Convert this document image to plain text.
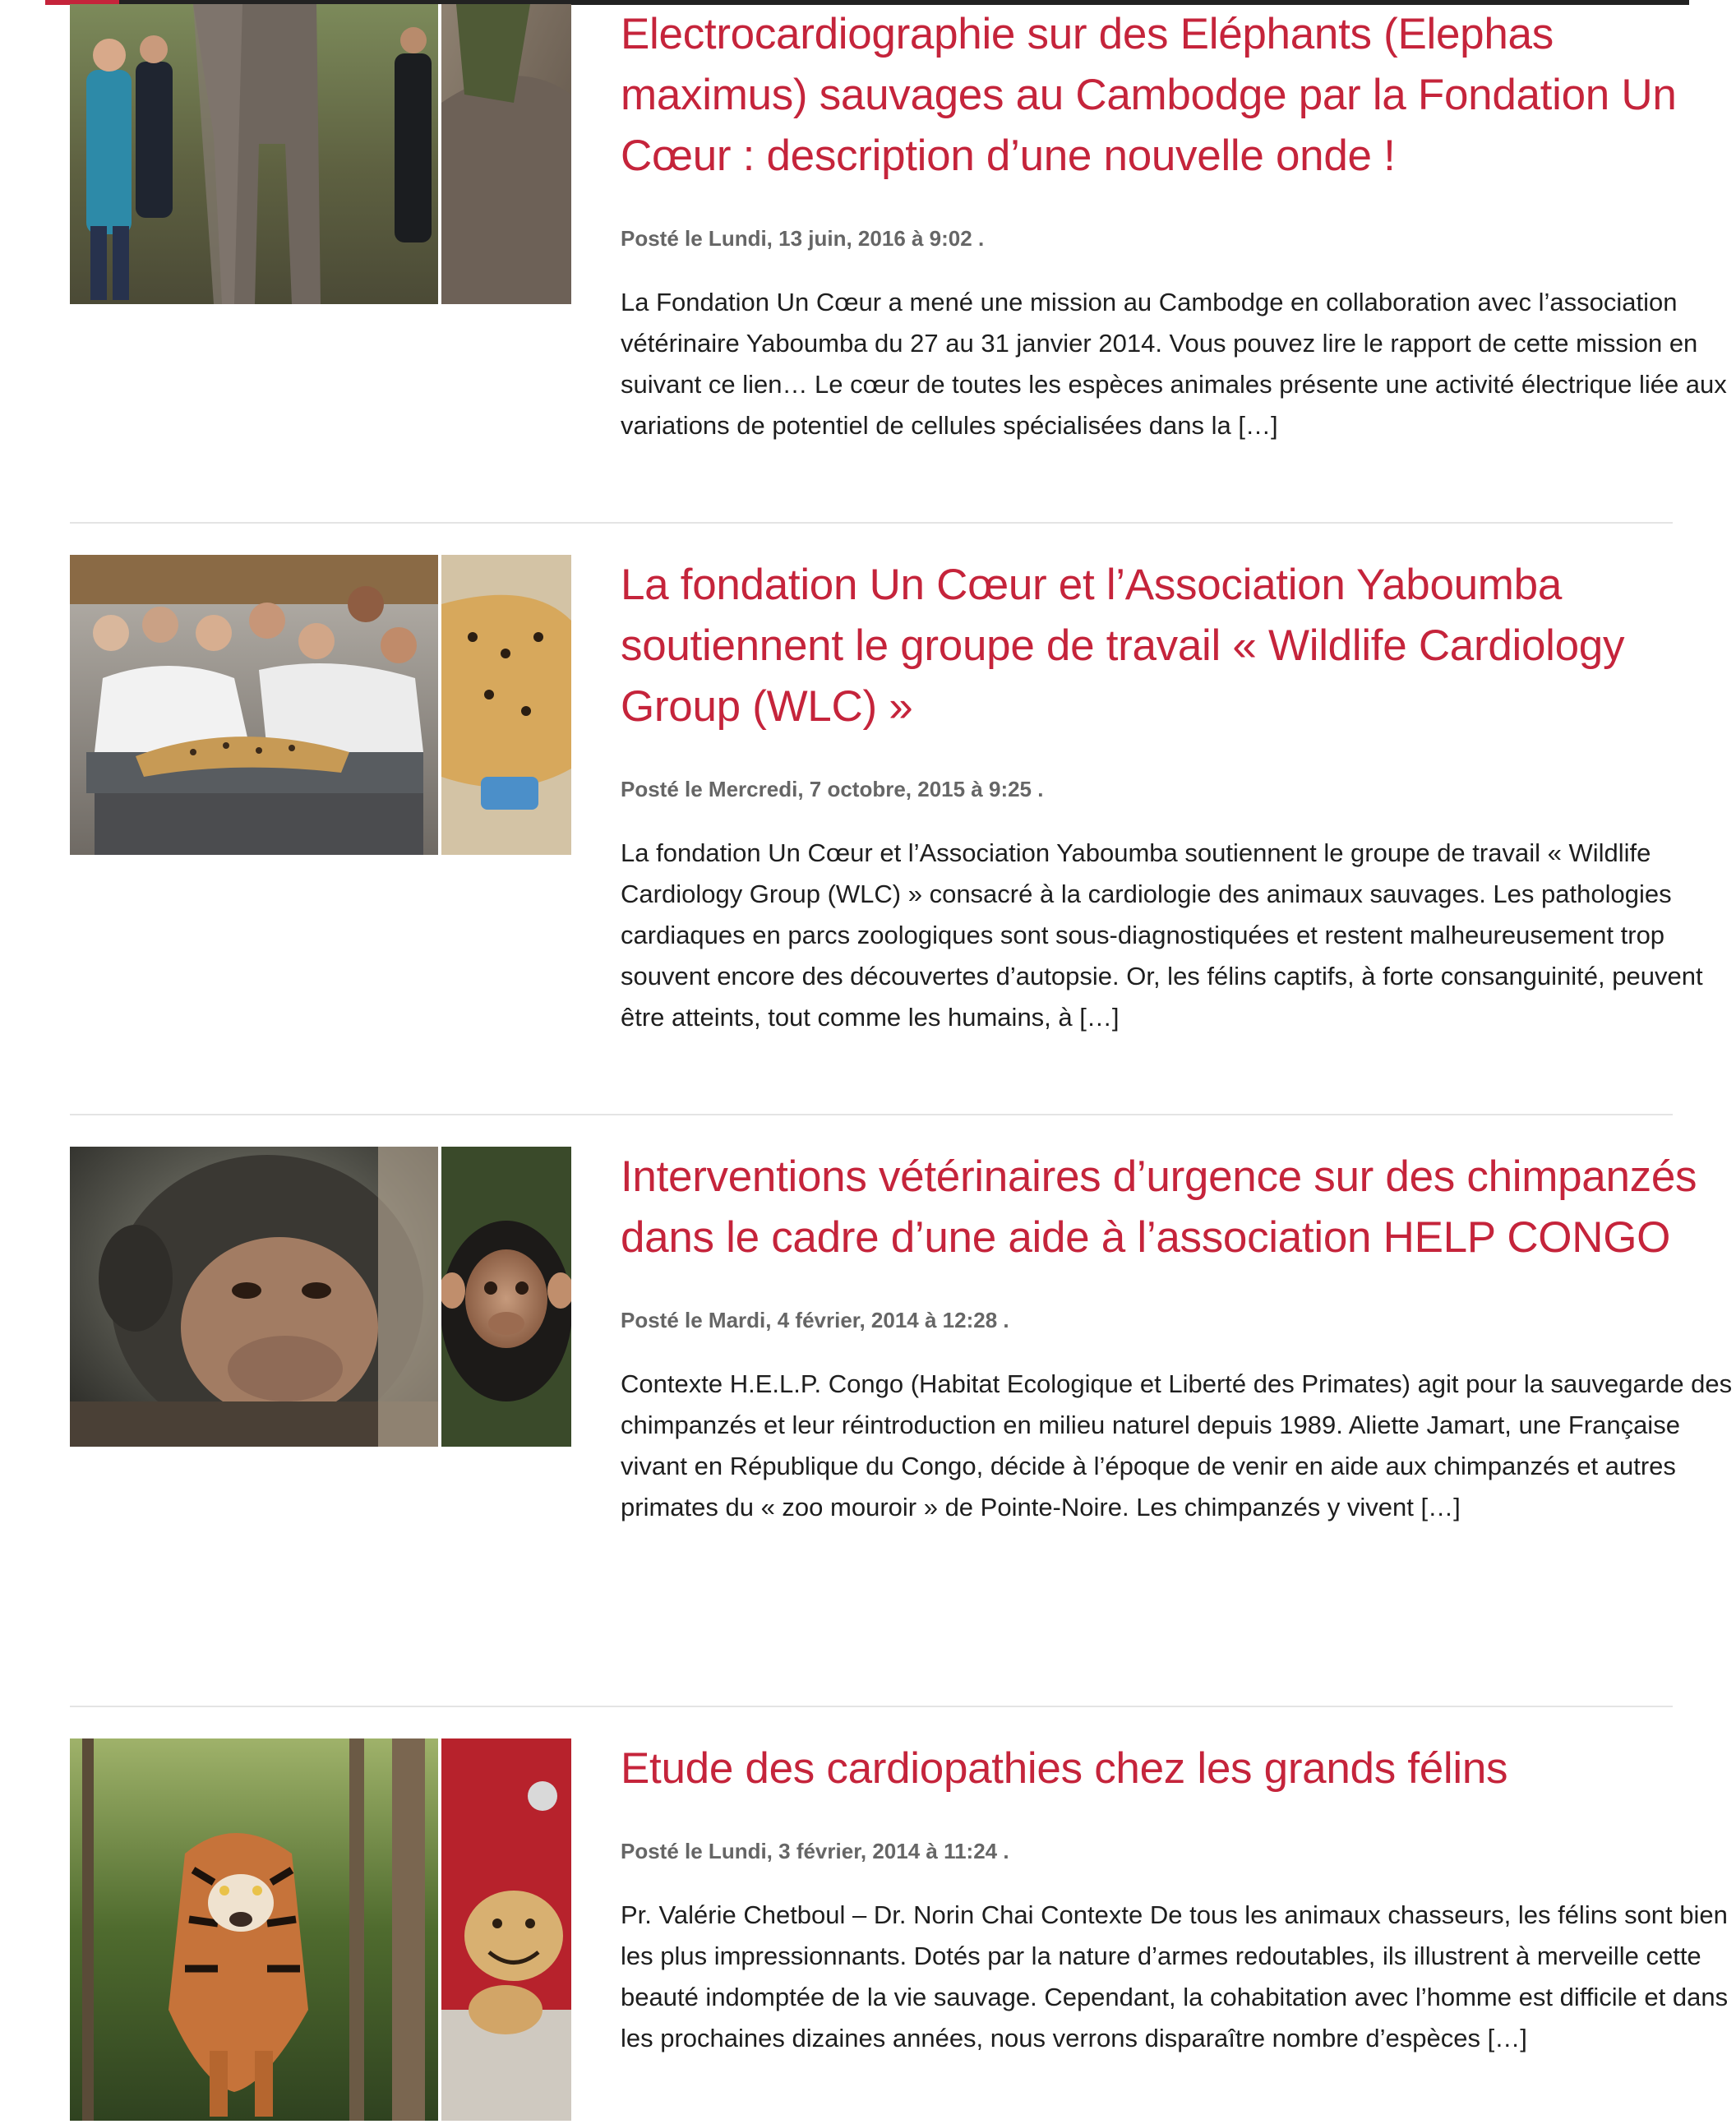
Electrocardiographie sur des Eléphants (Elephas maximus) sauvages au Cambodge par la Fondation Un Cœur : description d’une nouvelle onde !
Posté le Lundi, 13 juin, 2016 à 9:02 .
La Fondation Un Cœur a mené une mission au Cambodge en collaboration avec l’association vétérinaire Yaboumba du 27 au 31 janvier 2014. Vous pouvez lire le rapport de cette mission en suivant ce lien… Le cœur de toutes les espèces animales présente une activité électrique liée aux variations de potentiel de cellules spécialisées dans la […]
La fondation Un Cœur et l’Association Yaboumba soutiennent le groupe de travail « Wildlife Cardiology Group (WLC) »
Posté le Mercredi, 7 octobre, 2015 à 9:25 .
La fondation Un Cœur et l’Association Yaboumba soutiennent le groupe de travail « Wildlife Cardiology Group (WLC) » consacré à la cardiologie des animaux sauvages. Les pathologies cardiaques en parcs zoologiques sont sous-diagnostiquées et restent malheureusement trop souvent encore des découvertes d’autopsie. Or, les félins captifs, à forte consanguinité, peuvent être atteints, tout comme les humains, à […]
Interventions vétérinaires d’urgence sur des chimpanzés dans le cadre d’une aide à l’association HELP CONGO
Posté le Mardi, 4 février, 2014 à 12:28 .
Contexte H.E.L.P. Congo (Habitat Ecologique et Liberté des Primates) agit pour la sauvegarde des chimpanzés et leur réintroduction en milieu naturel depuis 1989. Aliette Jamart, une Française vivant en République du Congo, décide à l’époque de venir en aide aux chimpanzés et autres primates du « zoo mouroir » de Pointe-Noire. Les chimpanzés y vivent […]
Etude des cardiopathies chez les grands félins
Posté le Lundi, 3 février, 2014 à 11:24 .
Pr. Valérie Chetboul – Dr. Norin Chai Contexte De tous les animaux chasseurs, les félins sont bien les plus impressionnants. Dotés par la nature d’armes redoutables, ils illustrent à merveille cette beauté indomptée de la vie sauvage. Cependant, la cohabitation avec l’homme est difficile et dans les prochaines dizaines années, nous verrons disparaître nombre d’espèces […]
